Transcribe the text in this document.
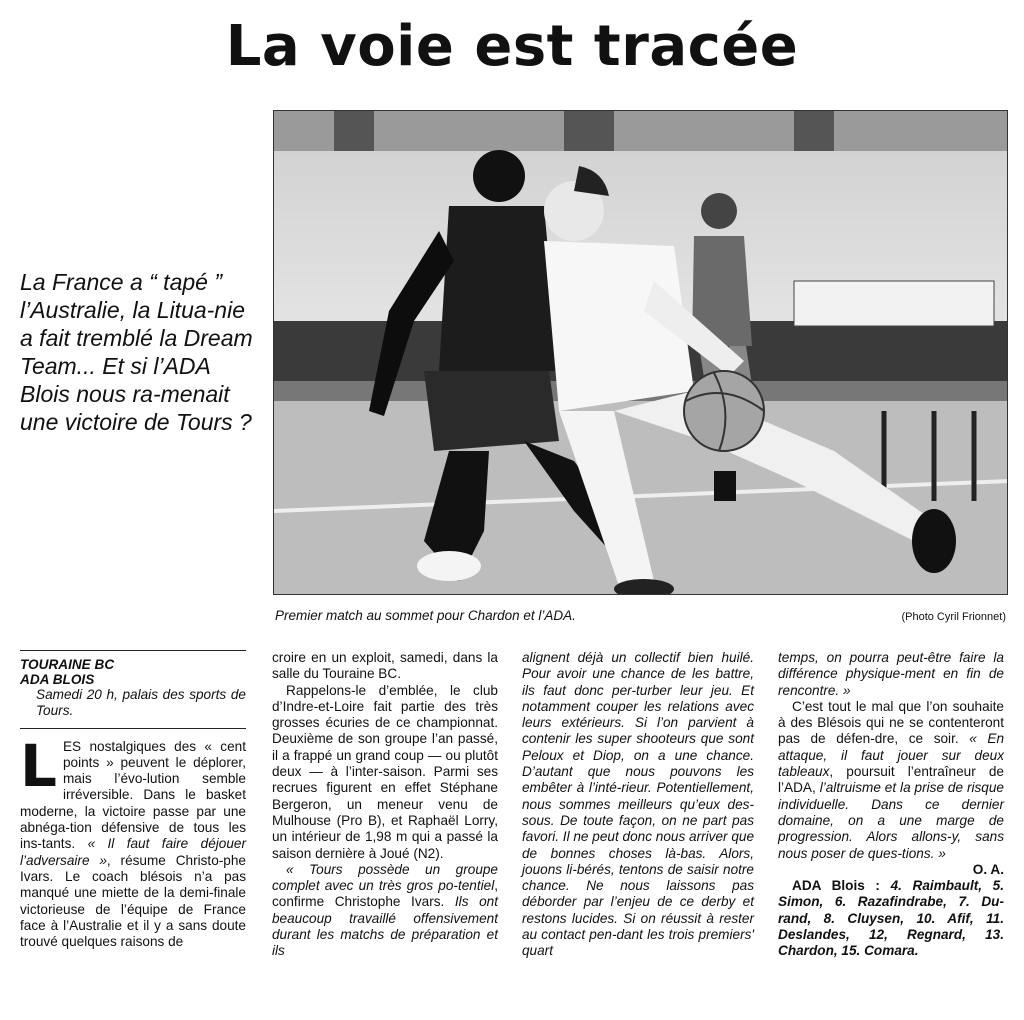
La voie est tracée
La France a “ tapé ” l’Australie, la Litua-nie a fait tremblé la Dream Team... Et si l’ADA Blois nous ra-menait une victoire de Tours ?
Premier match au sommet pour Chardon et l’ADA.	(Photo Cyril Frionnet)
TOURAINE BC
ADA BLOIS

Samedi 20 h, palais des sports de Tours.

LES nostalgiques des « cent points » peuvent le déplorer, mais l’évo-lution semble irréversible. Dans le basket moderne, la victoire passe par une abnéga-tion défensive de tous les ins-tants. « Il faut faire déjouer l’adversaire », résume Christo-phe Ivars. Le coach blésois n’a pas manqué une miette de la demi-finale victorieuse de l’équipe de France face à l’Australie et il y a sans doute trouvé quelques raisons de

croire en un exploit, samedi, dans la salle du Touraine BC.

Rappelons-le d’emblée, le club d’Indre-et-Loire fait partie des très grosses écuries de ce championnat. Deuxième de son groupe l’an passé, il a frappé un grand coup — ou plutôt deux — à l’inter-saison. Parmi ses recrues figurent en effet Stéphane Bergeron, un meneur venu de Mulhouse (Pro B), et Raphaël Lorry, un intérieur de 1,98 m qui a passé la saison dernière à Joué (N2).

« Tours possède un groupe complet avec un très gros po-tentiel, confirme Christophe Ivars. Ils ont beaucoup travaillé offensivement durant les matchs de préparation et ils

alignent déjà un collectif bien huilé. Pour avoir une chance de les battre, ils faut donc per-turber leur jeu. Et notamment couper les relations avec leurs extérieurs. Si l’on parvient à contenir les super shooteurs que sont Peloux et Diop, on a une chance. D’autant que nous pouvons les embêter à l’inté-rieur. Potentiellement, nous sommes meilleurs qu’eux des-sous. De toute façon, on ne part pas favori. Il ne peut donc nous arriver que de bonnes choses là-bas. Alors, jouons li-bérés, tentons de saisir notre chance. Ne nous laissons pas déborder par l’enjeu de ce derby et restons lucides. Si on réussit à rester au contact pen-dant les trois premiers' quart

temps, on pourra peut-être faire la différence physique-ment en fin de rencontre. »

C’est tout le mal que l’on souhaite à des Blésois qui ne se contenteront pas de défen-dre, ce soir. « En attaque, il faut jouer sur deux tableaux, poursuit l’entraîneur de l’ADA, l’altruisme et la prise de risque individuelle. Dans ce dernier domaine, on a une marge de progression. Alors allons-y, sans nous poser de ques-tions. »

O. A.

ADA Blois : 4. Raimbault, 5. Simon, 6. Razafindrabe, 7. Du-rand, 8. Cluysen, 10. Afif, 11. Deslandes, 12, Regnard, 13. Chardon, 15. Comara.
